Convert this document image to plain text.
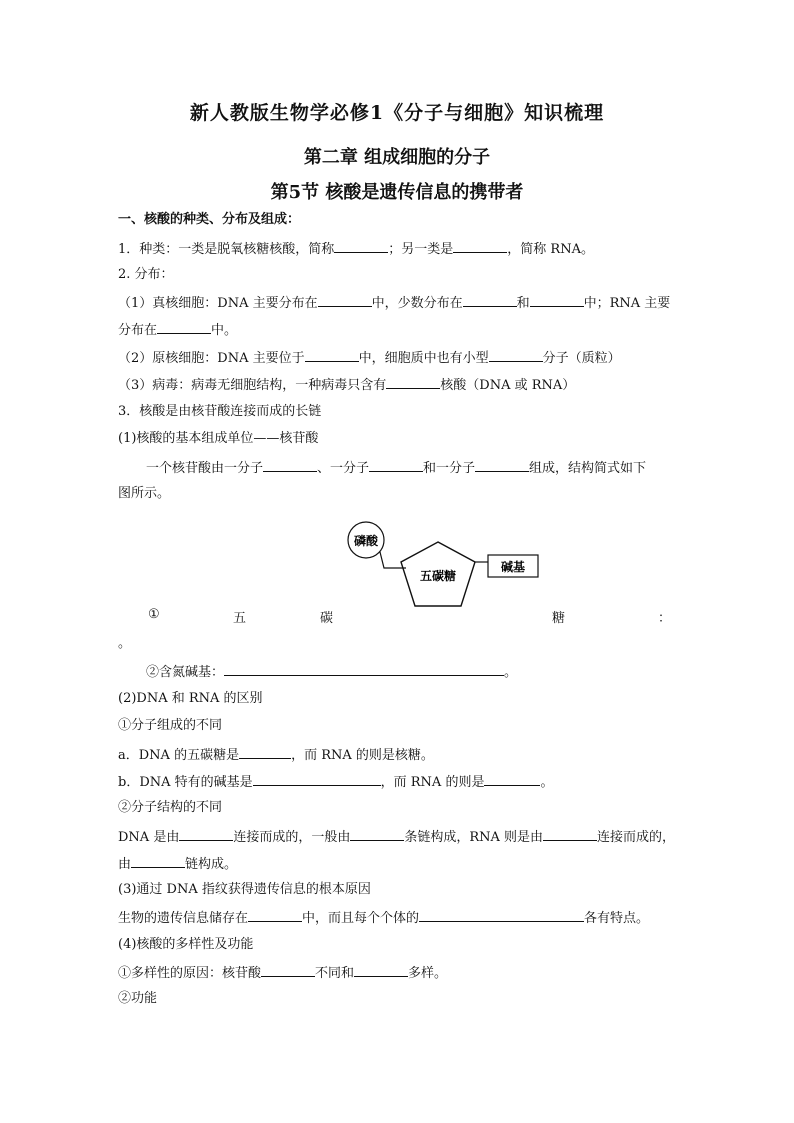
新人教版生物学必修1《分子与细胞》知识梳理
第二章 组成细胞的分子
第5节 核酸是遗传信息的携带者
一、核酸的种类、分布及组成：
1．种类：一类是脱氧核糖核酸，简称	；另一类是	，简称 RNA。
2. 分布：
（1）真核细胞：DNA 主要分布在	中，少数分布在	和	中；RNA 主要
分布在	中。
（2）原核细胞：DNA 主要位于	中，细胞质中也有小型	分子（质粒）
（3）病毒：病毒无细胞结构，一种病毒只含有	核酸（DNA 或 RNA）
3．核酸是由核苷酸连接而成的长链
(1)核酸的基本组成单位——核苷酸
一个核苷酸由一分子	、一分子	和一分子	组成，结构简式如下
图所示。
磷酸
五碳糖
碱基
①	五	碳	糖	：
。
②含氮碱基：	。
(2)DNA 和 RNA 的区别
①分子组成的不同
a．DNA 的五碳糖是	，而 RNA 的则是核糖。
b．DNA 特有的碱基是	，而 RNA 的则是	。
②分子结构的不同
DNA 是由	连接而成的，一般由	条链构成，RNA 则是由	连接而成的，
由	链构成。
(3)通过 DNA 指纹获得遗传信息的根本原因
生物的遗传信息储存在	中，而且每个个体的	各有特点。
(4)核酸的多样性及功能
①多样性的原因：核苷酸	不同和	多样。
②功能
